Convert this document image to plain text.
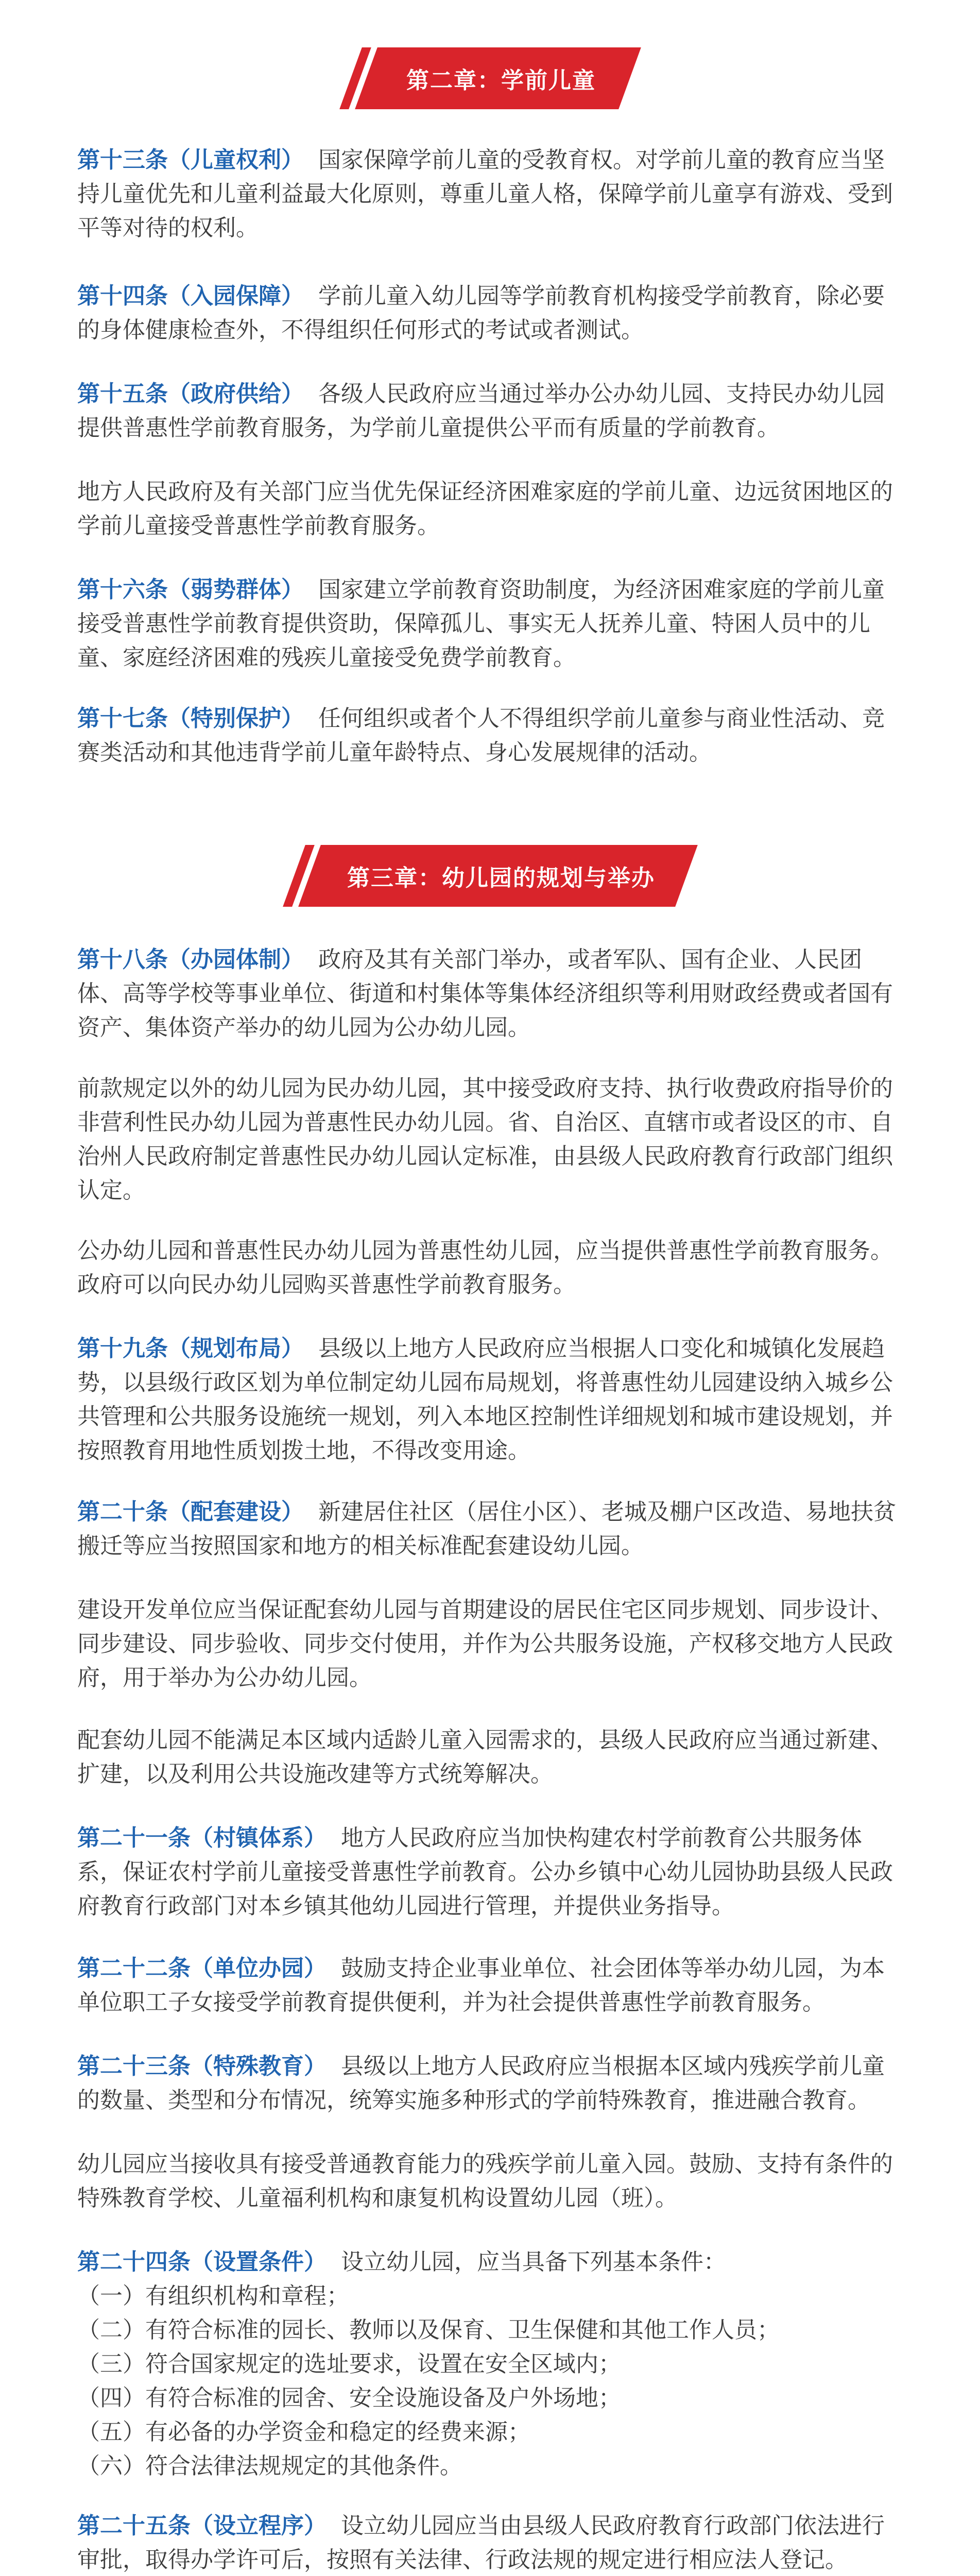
第二章：学前儿童

第十三条（儿童权利） 国家保障学前儿童的受教育权。对学前儿童的教育应当坚持儿童优先和儿童利益最大化原则，尊重儿童人格，保障学前儿童享有游戏、受到平等对待的权利。

第十四条（入园保障） 学前儿童入幼儿园等学前教育机构接受学前教育，除必要的身体健康检查外，不得组织任何形式的考试或者测试。

第十五条（政府供给） 各级人民政府应当通过举办公办幼儿园、支持民办幼儿园提供普惠性学前教育服务，为学前儿童提供公平而有质量的学前教育。

地方人民政府及有关部门应当优先保证经济困难家庭的学前儿童、边远贫困地区的学前儿童接受普惠性学前教育服务。

第十六条（弱势群体） 国家建立学前教育资助制度，为经济困难家庭的学前儿童接受普惠性学前教育提供资助，保障孤儿、事实无人抚养儿童、特困人员中的儿童、家庭经济困难的残疾儿童接受免费学前教育。

第十七条（特别保护） 任何组织或者个人不得组织学前儿童参与商业性活动、竞赛类活动和其他违背学前儿童年龄特点、身心发展规律的活动。

第三章：幼儿园的规划与举办

第十八条（办园体制） 政府及其有关部门举办，或者军队、国有企业、人民团体、高等学校等事业单位、街道和村集体等集体经济组织等利用财政经费或者国有资产、集体资产举办的幼儿园为公办幼儿园。

前款规定以外的幼儿园为民办幼儿园，其中接受政府支持、执行收费政府指导价的非营利性民办幼儿园为普惠性民办幼儿园。省、自治区、直辖市或者设区的市、自治州人民政府制定普惠性民办幼儿园认定标准，由县级人民政府教育行政部门组织认定。

公办幼儿园和普惠性民办幼儿园为普惠性幼儿园，应当提供普惠性学前教育服务。政府可以向民办幼儿园购买普惠性学前教育服务。

第十九条（规划布局） 县级以上地方人民政府应当根据人口变化和城镇化发展趋势，以县级行政区划为单位制定幼儿园布局规划，将普惠性幼儿园建设纳入城乡公共管理和公共服务设施统一规划，列入本地区控制性详细规划和城市建设规划，并按照教育用地性质划拨土地，不得改变用途。

第二十条（配套建设） 新建居住社区（居住小区）、老城及棚户区改造、易地扶贫搬迁等应当按照国家和地方的相关标准配套建设幼儿园。

建设开发单位应当保证配套幼儿园与首期建设的居民住宅区同步规划、同步设计、同步建设、同步验收、同步交付使用，并作为公共服务设施，产权移交地方人民政府，用于举办为公办幼儿园。

配套幼儿园不能满足本区域内适龄儿童入园需求的，县级人民政府应当通过新建、扩建，以及利用公共设施改建等方式统筹解决。

第二十一条（村镇体系） 地方人民政府应当加快构建农村学前教育公共服务体系，保证农村学前儿童接受普惠性学前教育。公办乡镇中心幼儿园协助县级人民政府教育行政部门对本乡镇其他幼儿园进行管理，并提供业务指导。

第二十二条（单位办园） 鼓励支持企业事业单位、社会团体等举办幼儿园，为本单位职工子女接受学前教育提供便利，并为社会提供普惠性学前教育服务。

第二十三条（特殊教育） 县级以上地方人民政府应当根据本区域内残疾学前儿童的数量、类型和分布情况，统筹实施多种形式的学前特殊教育，推进融合教育。

幼儿园应当接收具有接受普通教育能力的残疾学前儿童入园。鼓励、支持有条件的特殊教育学校、儿童福利机构和康复机构设置幼儿园（班）。

第二十四条（设置条件） 设立幼儿园，应当具备下列基本条件：

（一）有组织机构和章程；
（二）有符合标准的园长、教师以及保育、卫生保健和其他工作人员；
（三）符合国家规定的选址要求，设置在安全区域内；
（四）有符合标准的园舍、安全设施设备及户外场地；
（五）有必备的办学资金和稳定的经费来源；
（六）符合法律法规规定的其他条件。

第二十五条（设立程序） 设立幼儿园应当由县级人民政府教育行政部门依法进行审批，取得办学许可后，按照有关法律、行政法规的规定进行相应法人登记。
